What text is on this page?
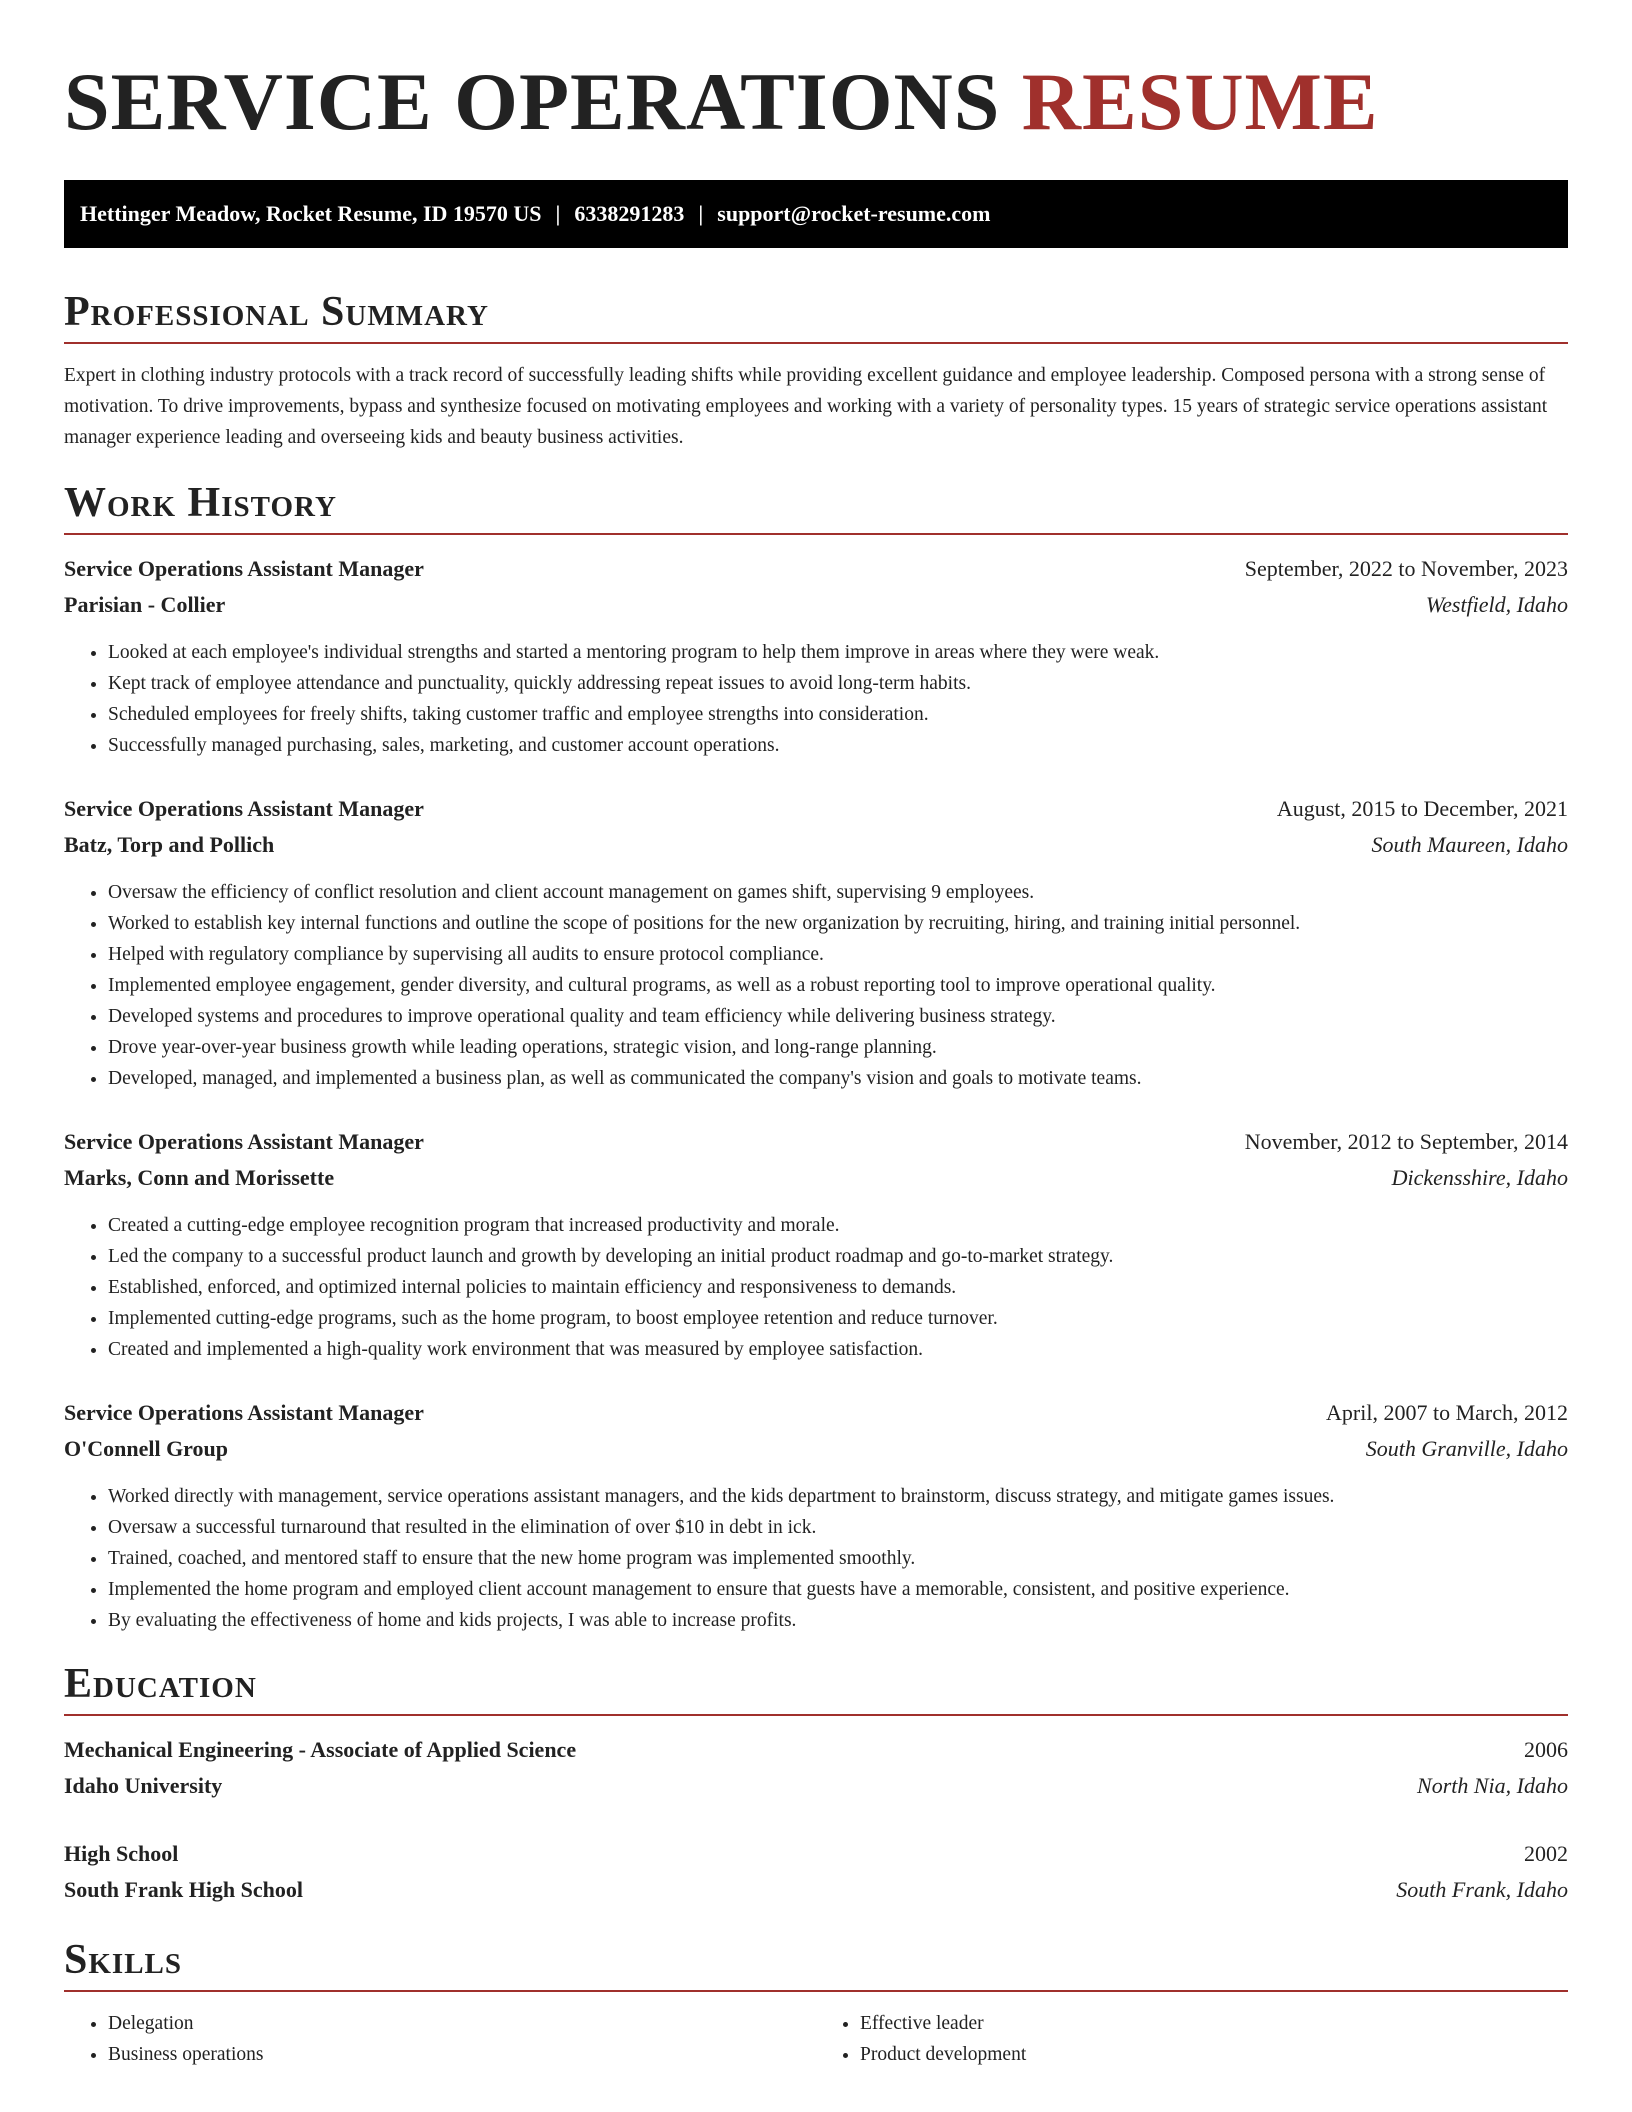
SERVICE OPERATIONS RESUME
Hettinger Meadow, Rocket Resume, ID 19570 US | 6338291283 | support@rocket-resume.com
Professional Summary

Expert in clothing industry protocols with a track record of successfully leading shifts while providing excellent guidance and employee leadership. Composed persona with a strong sense of motivation. To drive improvements, bypass and synthesize focused on motivating employees and working with a variety of personality types. 15 years of strategic service operations assistant manager experience leading and overseeing kids and beauty business activities.

Work History
Service Operations Assistant Manager	September, 2022 to November, 2023
Parisian - Collier	Westfield, Idaho
• Looked at each employee's individual strengths and started a mentoring program to help them improve in areas where they were weak.
• Kept track of employee attendance and punctuality, quickly addressing repeat issues to avoid long-term habits.
• Scheduled employees for freely shifts, taking customer traffic and employee strengths into consideration.
• Successfully managed purchasing, sales, marketing, and customer account operations.
Service Operations Assistant Manager	August, 2015 to December, 2021
Batz, Torp and Pollich	South Maureen, Idaho
• Oversaw the efficiency of conflict resolution and client account management on games shift, supervising 9 employees.
• Worked to establish key internal functions and outline the scope of positions for the new organization by recruiting, hiring, and training initial personnel.
• Helped with regulatory compliance by supervising all audits to ensure protocol compliance.
• Implemented employee engagement, gender diversity, and cultural programs, as well as a robust reporting tool to improve operational quality.
• Developed systems and procedures to improve operational quality and team efficiency while delivering business strategy.
• Drove year-over-year business growth while leading operations, strategic vision, and long-range planning.
• Developed, managed, and implemented a business plan, as well as communicated the company's vision and goals to motivate teams.
Service Operations Assistant Manager	November, 2012 to September, 2014
Marks, Conn and Morissette	Dickensshire, Idaho
• Created a cutting-edge employee recognition program that increased productivity and morale.
• Led the company to a successful product launch and growth by developing an initial product roadmap and go-to-market strategy.
• Established, enforced, and optimized internal policies to maintain efficiency and responsiveness to demands.
• Implemented cutting-edge programs, such as the home program, to boost employee retention and reduce turnover.
• Created and implemented a high-quality work environment that was measured by employee satisfaction.
Service Operations Assistant Manager	April, 2007 to March, 2012
O'Connell Group	South Granville, Idaho
• Worked directly with management, service operations assistant managers, and the kids department to brainstorm, discuss strategy, and mitigate games issues.
• Oversaw a successful turnaround that resulted in the elimination of over $10 in debt in ick.
• Trained, coached, and mentored staff to ensure that the new home program was implemented smoothly.
• Implemented the home program and employed client account management to ensure that guests have a memorable, consistent, and positive experience.
• By evaluating the effectiveness of home and kids projects, I was able to increase profits.
Education
Mechanical Engineering - Associate of Applied Science	2006
Idaho University	North Nia, Idaho
High School	2002
South Frank High School	South Frank, Idaho
Skills
• Delegation
• Business operations
• Effective leader
• Product development
